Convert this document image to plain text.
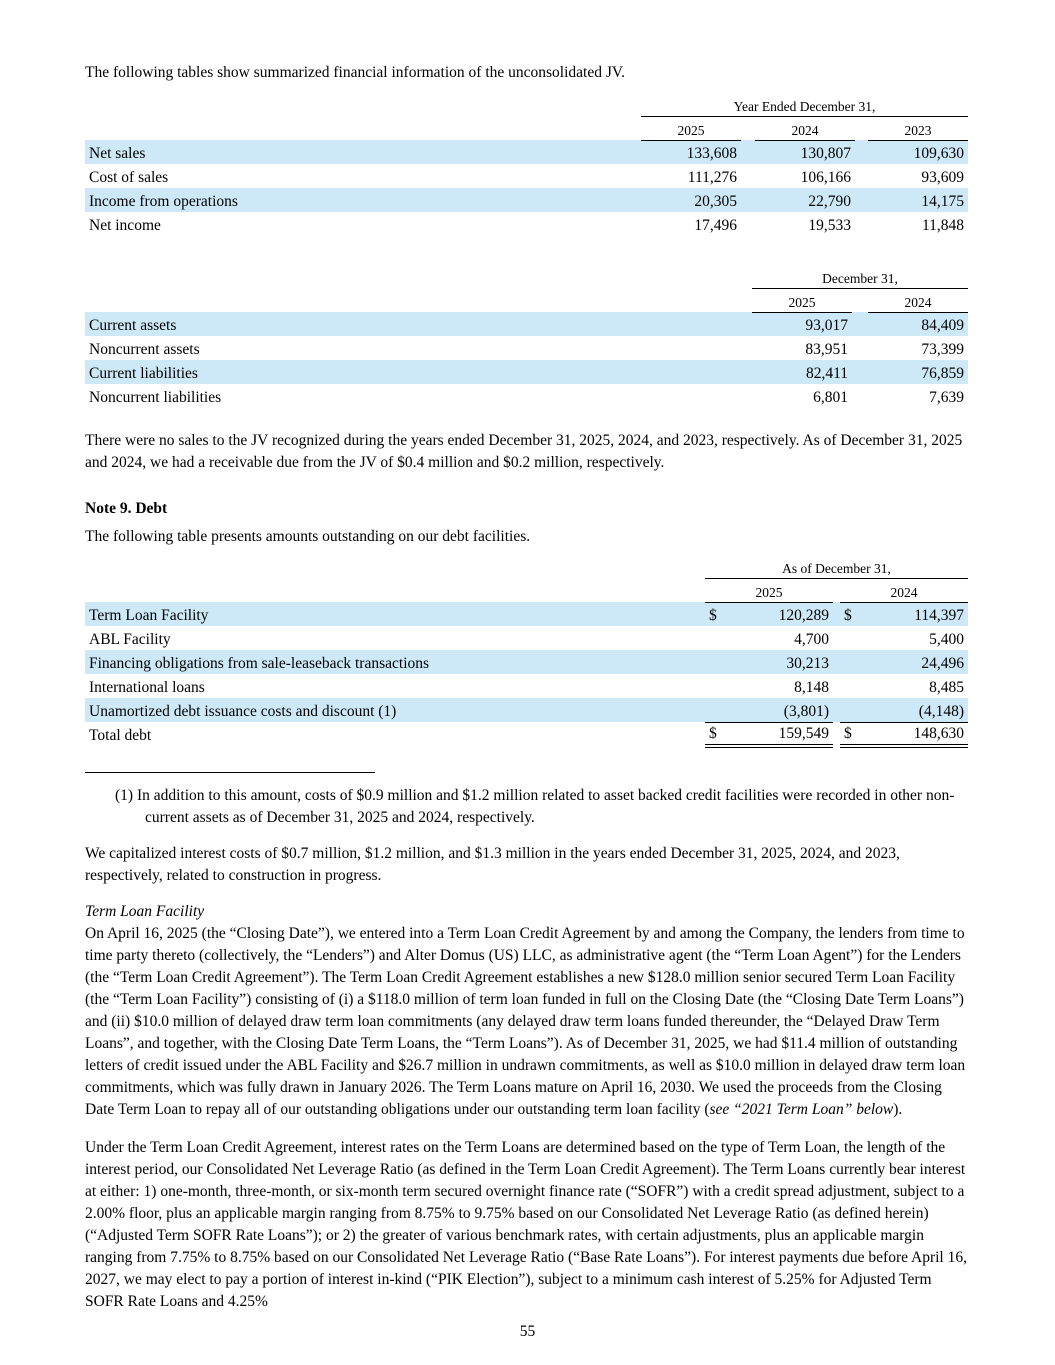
The following tables show summarized financial information of the unconsolidated JV.

	Year Ended December 31,				
	2025		2024		2023
Net sales	133,608		130,807		109,630
Cost of sales	111,276		106,166		93,609
Income from operations	20,305		22,790		14,175
Net income	17,496		19,533		11,848
	December 31,		
	2025		2024
Current assets	93,017		84,409
Noncurrent assets	83,951		73,399
Current liabilities	82,411		76,859
Noncurrent liabilities	6,801		7,639

There were no sales to the JV recognized during the years ended December 31, 2025, 2024, and 2023, respectively. As of December 31, 2025 and 2024, we had a receivable due from the JV of $0.4 million and $0.2 million, respectively.

Note 9. Debt

The following table presents amounts outstanding on our debt facilities.

	As of December 31,				
	2025			2024	
Term Loan Facility	$	120,289		$	114,397
ABL Facility		4,700			5,400
Financing obligations from sale-leaseback transactions		30,213			24,496
International loans		8,148			8,485
Unamortized debt issuance costs and discount (1)		(3,801)			(4,148)
Total debt	$	159,549		$	148,630

(1) In addition to this amount, costs of $0.9 million and $1.2 million related to asset backed credit facilities were recorded in other non-current assets as of December 31, 2025 and 2024, respectively.

We capitalized interest costs of $0.7 million, $1.2 million, and $1.3 million in the years ended December 31, 2025, 2024, and 2023, respectively, related to construction in progress.

Term Loan Facility

On April 16, 2025 (the “Closing Date”), we entered into a Term Loan Credit Agreement by and among the Company, the lenders from time to time party thereto (collectively, the “Lenders”) and Alter Domus (US) LLC, as administrative agent (the “Term Loan Agent”) for the Lenders (the “Term Loan Credit Agreement”). The Term Loan Credit Agreement establishes a new $128.0 million senior secured Term Loan Facility (the “Term Loan Facility”) consisting of (i) a $118.0 million of term loan funded in full on the Closing Date (the “Closing Date Term Loans”) and (ii) $10.0 million of delayed draw term loan commitments (any delayed draw term loans funded thereunder, the “Delayed Draw Term Loans”, and together, with the Closing Date Term Loans, the “Term Loans”). As of December 31, 2025, we had $11.4 million of outstanding letters of credit issued under the ABL Facility and $26.7 million in undrawn commitments, as well as $10.0 million in delayed draw term loan commitments, which was fully drawn in January 2026. The Term Loans mature on April 16, 2030. We used the proceeds from the Closing Date Term Loan to repay all of our outstanding obligations under our outstanding term loan facility (see “2021 Term Loan” below).

Under the Term Loan Credit Agreement, interest rates on the Term Loans are determined based on the type of Term Loan, the length of the interest period, our Consolidated Net Leverage Ratio (as defined in the Term Loan Credit Agreement). The Term Loans currently bear interest at either: 1) one-month, three-month, or six-month term secured overnight finance rate (“SOFR”) with a credit spread adjustment, subject to a 2.00% floor, plus an applicable margin ranging from 8.75% to 9.75% based on our Consolidated Net Leverage Ratio (as defined herein) (“Adjusted Term SOFR Rate Loans”); or 2) the greater of various benchmark rates, with certain adjustments, plus an applicable margin ranging from 7.75% to 8.75% based on our Consolidated Net Leverage Ratio (“Base Rate Loans”). For interest payments due before April 16, 2027, we may elect to pay a portion of interest in-kind (“PIK Election”), subject to a minimum cash interest of 5.25% for Adjusted Term SOFR Rate Loans and 4.25%

55
